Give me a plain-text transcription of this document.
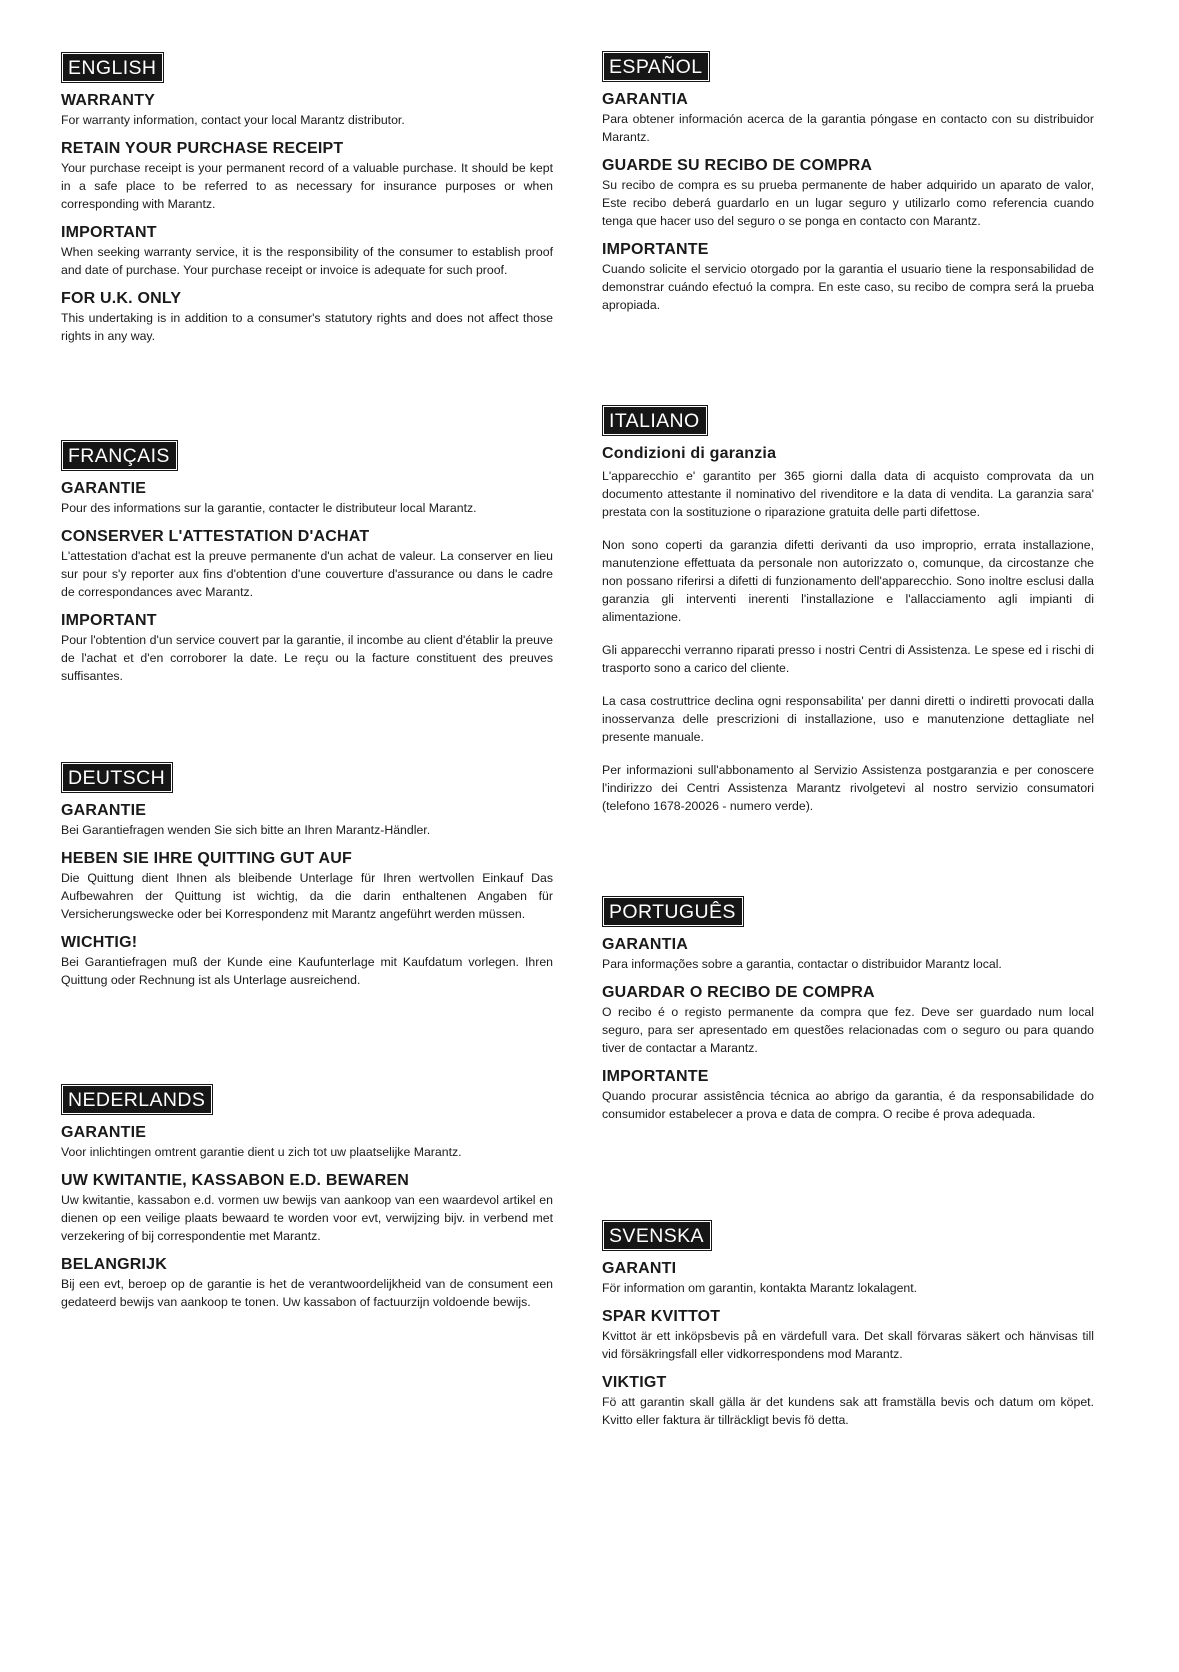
ENGLISH
WARRANTY

For warranty information, contact your local Marantz distributor.

RETAIN YOUR PURCHASE RECEIPT

Your purchase receipt is your permanent record of a valuable purchase. It should be kept in a safe place to be referred to as necessary for insurance purposes or when corresponding with Marantz.

IMPORTANT

When seeking warranty service, it is the responsibility of the consumer to establish proof and date of purchase. Your purchase receipt or invoice is adequate for such proof.

FOR U.K. ONLY

This undertaking is in addition to a consumer's statutory rights and does not affect those rights in any way.

FRANÇAIS
GARANTIE

Pour des informations sur la garantie, contacter le distributeur local Marantz.

CONSERVER L'ATTESTATION D'ACHAT

L'attestation d'achat est la preuve permanente d'un achat de valeur. La conserver en lieu sur pour s'y reporter aux fins d'obtention d'une couverture d'assurance ou dans le cadre de correspondances avec Marantz.

IMPORTANT

Pour l'obtention d'un service couvert par la garantie, il incombe au client d'établir la preuve de l'achat et d'en corroborer la date. Le reçu ou la facture constituent des preuves suffisantes.

DEUTSCH
GARANTIE

Bei Garantiefragen wenden Sie sich bitte an Ihren Marantz-Händler.

HEBEN SIE IHRE QUITTING GUT AUF

Die Quittung dient Ihnen als bleibende Unterlage für Ihren wertvollen Einkauf Das Aufbewahren der Quittung ist wichtig, da die darin enthaltenen Angaben für Versicherungswecke oder bei Korrespondenz mit Marantz angeführt werden müssen.

WICHTIG!

Bei Garantiefragen muß der Kunde eine Kaufunterlage mit Kaufdatum vorlegen. Ihren Quittung oder Rechnung ist als Unterlage ausreichend.

NEDERLANDS
GARANTIE

Voor inlichtingen omtrent garantie dient u zich tot uw plaatselijke Marantz.

UW KWITANTIE, KASSABON E.D. BEWAREN

Uw kwitantie, kassabon e.d. vormen uw bewijs van aankoop van een waardevol artikel en dienen op een veilige plaats bewaard te worden voor evt, verwijzing bijv. in verbend met verzekering of bij correspondentie met Marantz.

BELANGRIJK

Bij een evt, beroep op de garantie is het de verantwoordelijkheid van de consument een gedateerd bewijs van aankoop te tonen. Uw kassabon of factuurzijn voldoende bewijs.

ESPAÑOL
GARANTIA

Para obtener información acerca de la garantia póngase en contacto con su distribuidor Marantz.

GUARDE SU RECIBO DE COMPRA

Su recibo de compra es su prueba permanente de haber adquirido un aparato de valor, Este recibo deberá guardarlo en un lugar seguro y utilizarlo como referencia cuando tenga que hacer uso del seguro o se ponga en contacto con Marantz.

IMPORTANTE

Cuando solicite el servicio otorgado por la garantia el usuario tiene la responsabilidad de demonstrar cuándo efectuó la compra. En este caso, su recibo de compra será la prueba apropiada.

ITALIANO
Condizioni di garanzia

L'apparecchio e' garantito per 365 giorni dalla data di acquisto comprovata da un documento attestante il nominativo del rivenditore e la data di vendita. La garanzia sara' prestata con la sostituzione o riparazione gratuita delle parti difettose.

Non sono coperti da garanzia difetti derivanti da uso improprio, errata installazione, manutenzione effettuata da personale non autorizzato o, comunque, da circostanze che non possano riferirsi a difetti di funzionamento dell'apparecchio. Sono inoltre esclusi dalla garanzia gli interventi inerenti l'installazione e l'allacciamento agli impianti di alimentazione.

Gli apparecchi verranno riparati presso i nostri Centri di Assistenza. Le spese ed i rischi di trasporto sono a carico del cliente.

La casa costruttrice declina ogni responsabilita' per danni diretti o indiretti provocati dalla inosservanza delle prescrizioni di installazione, uso e manutenzione dettagliate nel presente manuale.

Per informazioni sull'abbonamento al Servizio Assistenza postgaranzia e per conoscere l'indirizzo dei Centri Assistenza Marantz rivolgetevi al nostro servizio consumatori (telefono 1678-20026 - numero verde).

PORTUGUÊS
GARANTIA

Para informações sobre a garantia, contactar o distribuidor Marantz local.

GUARDAR O RECIBO DE COMPRA

O recibo é o registo permanente da compra que fez. Deve ser guardado num local seguro, para ser apresentado em questões relacionadas com o seguro ou para quando tiver de contactar a Marantz.

IMPORTANTE

Quando procurar assistência técnica ao abrigo da garantia, é da responsabilidade do consumidor estabelecer a prova e data de compra. O recibe é prova adequada.

SVENSKA
GARANTI

För information om garantin, kontakta Marantz lokalagent.

SPAR KVITTOT

Kvittot är ett inköpsbevis på en värdefull vara. Det skall förvaras säkert och hänvisas till vid försäkringsfall eller vidkorrespondens mod Marantz.

VIKTIGT

Fö att garantin skall gälla är det kundens sak att framställa bevis och datum om köpet. Kvitto eller faktura är tillräckligt bevis fö detta.
